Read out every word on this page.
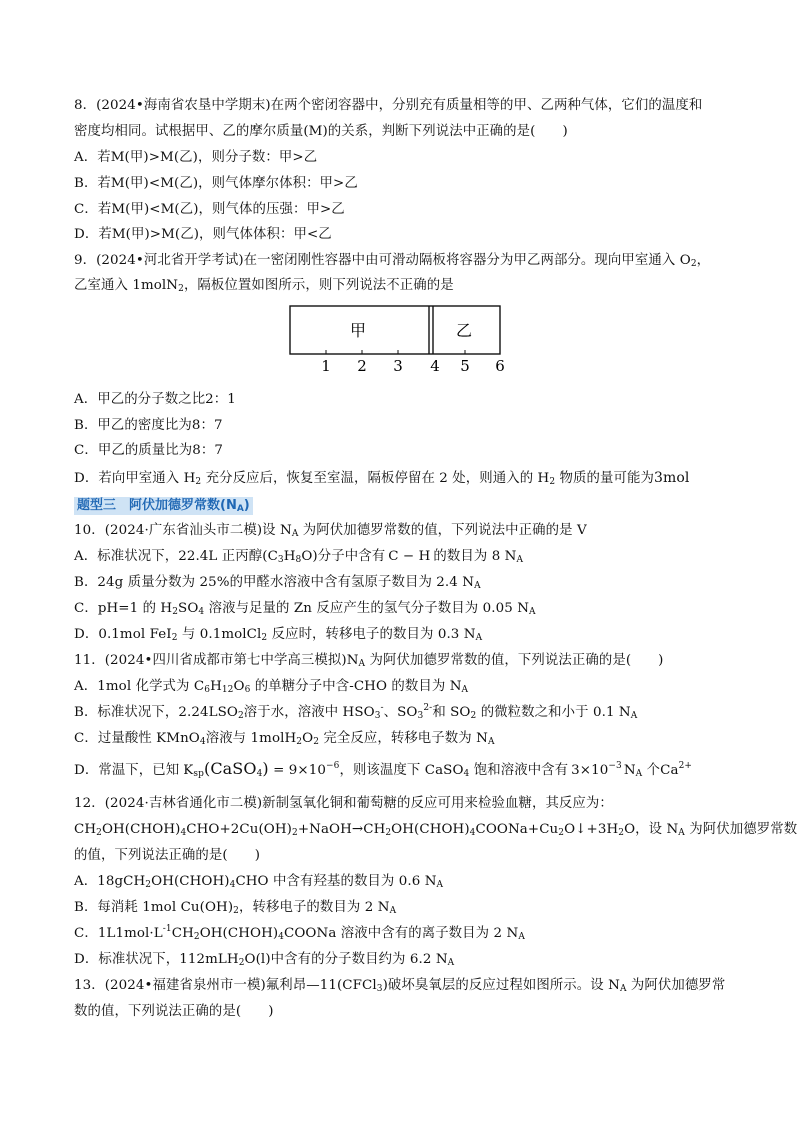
8．(2024•海南省农垦中学期末)在两个密闭容器中，分别充有质量相等的甲、乙两种气体，它们的温度和
密度均相同。试根据甲、乙的摩尔质量(M)的关系，判断下列说法中正确的是(　　)
A．若M(甲)>M(乙)，则分子数：甲>乙
B．若M(甲)<M(乙)，则气体摩尔体积：甲>乙
C．若M(甲)<M(乙)，则气体的压强：甲>乙
D．若M(甲)>M(乙)，则气体体积：甲<乙
9．(2024•河北省开学考试)在一密闭刚性容器中由可滑动隔板将容器分为甲乙两部分。现向甲室通入 $O_2$，
乙室通入 1molN$_2$，隔板位置如图所示，则下列说法不正确的是
甲	乙
1 2 3 4 5 6
A．甲乙的分子数之比2：1
B．甲乙的密度比为8：7
C．甲乙的质量比为8：7
D．若向甲室通入 $H_2$ 充分反应后，恢复至室温，隔板停留在 2 处，则通入的 $H_2$ 物质的量可能为3mol
题型三　阿伏加德罗常数$(N_A)$
10．(2024·广东省汕头市二模)设 $N_A$ 为阿伏加德罗常数的值，下列说法中正确的是 V
A．标准状况下，22.4L 正丙醇$(C_3H_8O)$分子中含有 C − H 的数目为 8 $N_A$
B．24g 质量分数为 25%的甲醛水溶液中含有氢原子数目为 2.4 $N_A$
C．pH=1 的 $H_2SO_4$ 溶液与足量的 Zn 反应产生的氢气分子数目为 0.05 $N_A$
D．0.1mol FeI$_2$ 与 0.1molCl$_2$ 反应时，转移电子的数目为 0.3 $N_A$
11．(2024•四川省成都市第七中学高三模拟)$N_A$ 为阿伏加德罗常数的值，下列说法正确的是(　　)
A．1mol 化学式为 $C_6H_{12}O_6$ 的单糖分子中含-CHO 的数目为 $N_A$
B．标准状况下，$2.24LSO_2$溶于水，溶液中 $HSO_3^-$、$SO_3^{2-}$和 $SO_2$ 的微粒数之和小于 0.1 $N_A$
C．过量酸性 KMnO$_4$溶液与 $1molH_2O_2$ 完全反应，转移电子数为 $N_A$
D．常温下，已知 $K_{sp}(CaSO_4) = 9\times 10^{-6}$，则该温度下 CaSO$_4$ 饱和溶液中含有 $3\times 10^{-3}$ $N_A$ 个$Ca^{2+}$
12．(2024·吉林省通化市二模)新制氢氧化铜和葡萄糖的反应可用来检验血糖，其反应为：
$CH_2OH(CHOH)_4CHO+2Cu(OH)_2+NaOH\to CH_2OH(CHOH)_4COONa+Cu_2O↓+3H_2O$，设 $N_A$ 为阿伏加德罗常数
的值，下列说法正确的是(　　)
A．$18gCH_2OH(CHOH)_4CHO$ 中含有羟基的数目为 0.6 $N_A$
B．每消耗 1mol $Cu(OH)_2$，转移电子的数目为 2 $N_A$
C．$1L1mol\cdot L^{-1}CH_2OH(CHOH)_4COONa$ 溶液中含有的离子数目为 2 $N_A$
D．标准状况下，112mLH$_2$O(l)中含有的分子数目约为 6.2 $N_A$
13．(2024•福建省泉州市一模)氟利昂—11(CFCl$_3$)破坏臭氧层的反应过程如图所示。设 $N_A$ 为阿伏加德罗常
数的值，下列说法正确的是(　　)
